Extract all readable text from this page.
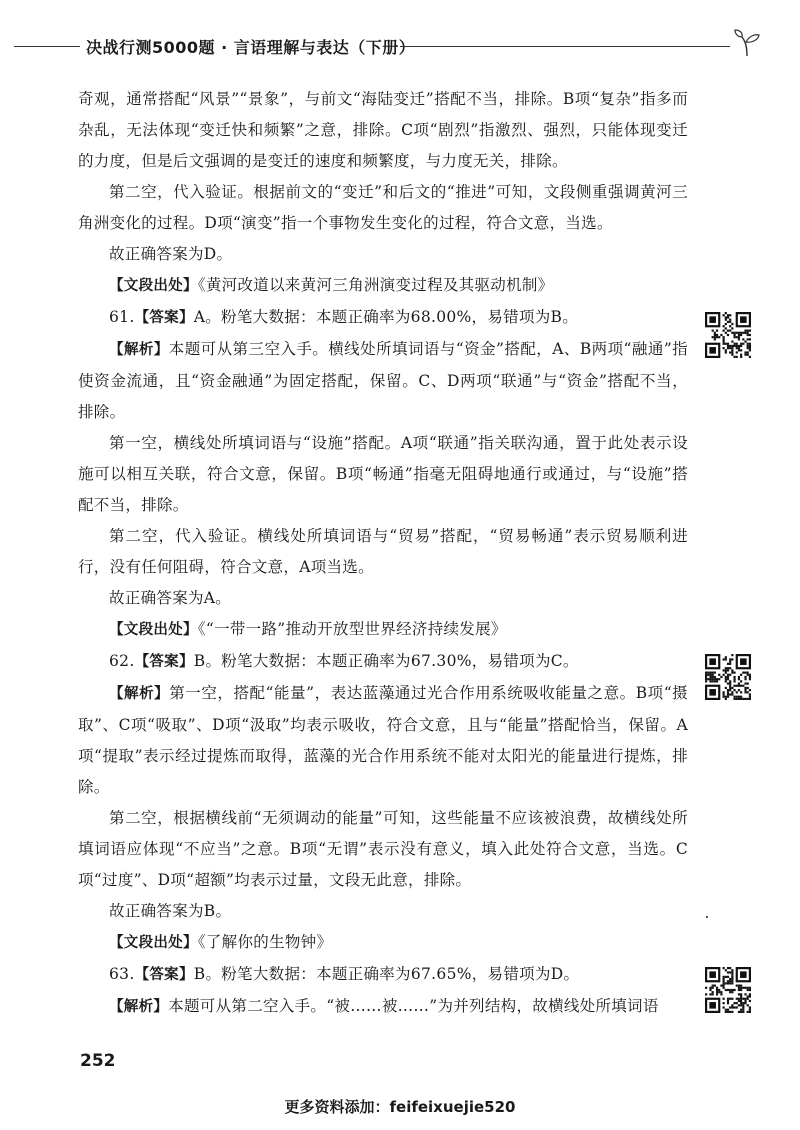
决战行测5000题 · 言语理解与表达（下册）

奇观，通常搭配“风景”“景象”，与前文“海陆变迁”搭配不当，排除。B项“复杂”指多而杂乱，无法体现“变迁快和频繁”之意，排除。C项“剧烈”指激烈、强烈，只能体现变迁的力度，但是后文强调的是变迁的速度和频繁度，与力度无关，排除。

第二空，代入验证。根据前文的“变迁”和后文的“推进”可知，文段侧重强调黄河三角洲变化的过程。D项“演变”指一个事物发生变化的过程，符合文意，当选。

故正确答案为D。

【文段出处】《黄河改道以来黄河三角洲演变过程及其驱动机制》

61.【答案】A。粉笔大数据：本题正确率为68.00%，易错项为B。

【解析】本题可从第三空入手。横线处所填词语与“资金”搭配，A、B两项“融通”指使资金流通，且“资金融通”为固定搭配，保留。C、D两项“联通”与“资金”搭配不当，排除。

第一空，横线处所填词语与“设施”搭配。A项“联通”指关联沟通，置于此处表示设施可以相互关联，符合文意，保留。B项“畅通”指毫无阻碍地通行或通过，与“设施”搭配不当，排除。

第二空，代入验证。横线处所填词语与“贸易”搭配，“贸易畅通”表示贸易顺利进行，没有任何阻碍，符合文意，A项当选。

故正确答案为A。

【文段出处】《“一带一路”推动开放型世界经济持续发展》

62.【答案】B。粉笔大数据：本题正确率为67.30%，易错项为C。

【解析】第一空，搭配“能量”，表达蓝藻通过光合作用系统吸收能量之意。B项“摄取”、C项“吸取”、D项“汲取”均表示吸收，符合文意，且与“能量”搭配恰当，保留。A项“提取”表示经过提炼而取得，蓝藻的光合作用系统不能对太阳光的能量进行提炼，排除。

第二空，根据横线前“无须调动的能量”可知，这些能量不应该被浪费，故横线处所填词语应体现“不应当”之意。B项“无谓”表示没有意义，填入此处符合文意，当选。C项“过度”、D项“超额”均表示过量，文段无此意，排除。

故正确答案为B。

【文段出处】《了解你的生物钟》

63.【答案】B。粉笔大数据：本题正确率为67.65%，易错项为D。

【解析】本题可从第二空入手。“被……被……”为并列结构，故横线处所填词语

252
更多资料添加：feifeixuejie520
